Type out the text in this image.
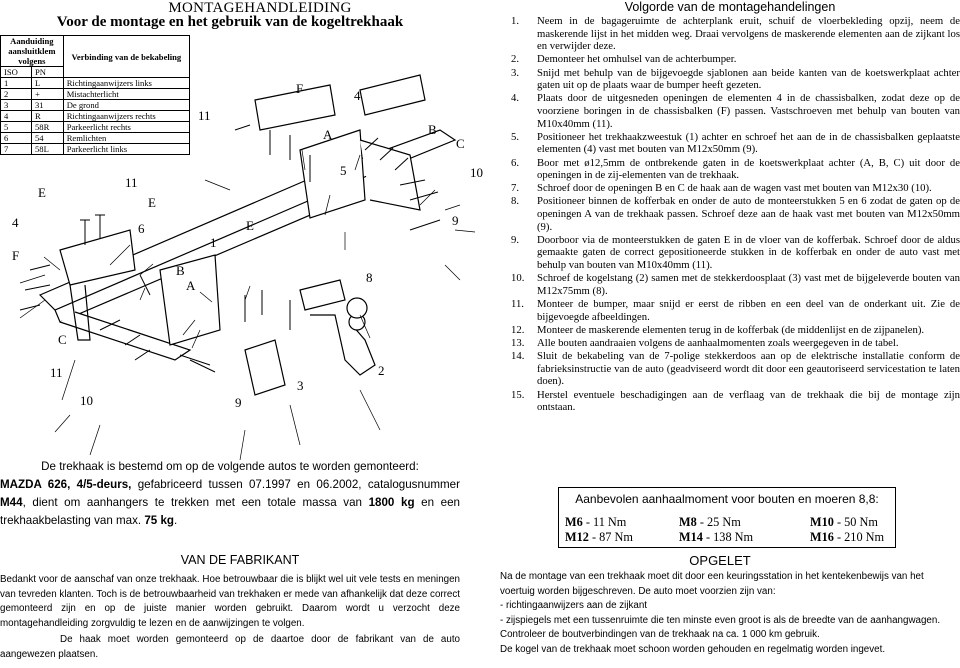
MONTAGEHANDLEIDING
Voor de montage en het gebruik van de kogeltrekhaak
Aanduiding aansluitklem volgens		Verbinding van de bekabeling
ISO	PN	
1	L	Richtingaanwijzers links
2	+	Mistachterlicht
3	31	De grond
4	R	Richtingaanwijzers rechts
5	58R	Parkeerlicht rechts
6	54	Remlichten
7	58L	Parkeerlicht links
F	4
A	B
C
10
9
5
8
E
1
2
3
11
9
E
4
F
C
11
10
11
E
6
B
A
De trekhaak is bestemd om op de volgende autos te worden gemonteerd:
MAZDA 626, 4/5-deurs, gefabriceerd tussen 07.1997 en 06.2002, catalogusnummer M44, dient om aanhangers te trekken met een totale massa van 1800 kg en een trekhaakbelasting van max. 75 kg.
VAN DE FABRIKANT

Bedankt voor de aanschaf van onze trekhaak. Hoe betrouwbaar die is blijkt wel uit vele tests en meningen van tevreden klanten. Toch is de betrouwbaarheid van trekhaken er mede van afhankelijk dat deze correct gemonteerd zijn en op de juiste manier worden gebruikt. Daarom wordt u verzocht deze montagehandleiding zorgvuldig te lezen en de aanwijzingen te volgen.

De haak moet worden gemonteerd op de daartoe door de fabrikant van de auto aangewezen plaatsen.

Volgorde van de montagehandelingen
1.	Neem in de bagageruimte de achterplank eruit, schuif de vloerbekleding opzij, neem de maskerende lijst in het midden weg. Draai vervolgens de maskerende elementen aan de zijkant los en verwijder deze.
2.	Demonteer het omhulsel van de achterbumper.
3.	Snijd met behulp van de bijgevoegde sjablonen aan beide kanten van de koetswerkplaat achter gaten uit op de plaats waar de bumper heeft gezeten.
4.	Plaats door de uitgesneden openingen de elementen 4 in de chassisbalken, zodat deze op de voorziene boringen in de chassisbalken (F) passen. Vastschroeven met behulp van bouten van M10x40mm (11).
5.	Positioneer het trekhaakzweestuk (1) achter en schroef het aan de in de chassisbalken geplaatste elementen (4) vast met bouten van M12x50mm (9).
6.	Boor met ø12,5mm de ontbrekende gaten in de koetswerkplaat achter (A, B, C) uit door de openingen in de zij-elementen van de trekhaak.
7.	Schroef door de openingen B en C de haak aan de wagen vast met bouten van M12x30 (10).
8.	Positioneer binnen de kofferbak en onder de auto de monteerstukken 5 en 6 zodat de gaten op de openingen A van de trekhaak passen. Schroef deze aan de haak vast met bouten van M12x50mm (9).
9.	Doorboor via de monteerstukken de gaten E in de vloer van de kofferbak. Schroef door de aldus gemaakte gaten de correct gepositioneerde stukken in de kofferbak en onder de auto vast met behulp van bouten van M10x40mm (11).
10.	Schroef de kogelstang (2) samen met de stekkerdoosplaat (3) vast met de bijgeleverde bouten van M12x75mm (8).
11.	Monteer de bumper, maar snijd er eerst de ribben en een deel van de onderkant uit. Zie de bijgevoegde afbeeldingen.
12.	Monteer de maskerende elementen terug in de kofferbak (de middenlijst en de zijpanelen).
13.	Alle bouten aandraaien volgens de aanhaalmomenten zoals weergegeven in de tabel.
14.	Sluit de bekabeling van de 7-polige stekkerdoos aan op de elektrische installatie conform de fabrieksinstructie van de auto (geadviseerd wordt dit door een geautoriseerd servicestation te laten doen).
15.	Herstel eventuele beschadigingen aan de verflaag van de trekhaak die bij de montage zijn ontstaan.
Aanbevolen aanhaalmoment voor bouten en moeren 8,8:
M6 - 11 Nm	M8 - 25 Nm	M10 - 50 Nm
M12 - 87 Nm	M14 - 138 Nm	M16 - 210 Nm
OPGELET
Na de montage van een trekhaak moet dit door een keuringsstation in het kentekenbewijs van het voertuig worden bijgeschreven. De auto moet voorzien zijn van:
- richtingaanwijzers aan de zijkant
- zijspiegels met een tussenruimte die ten minste even groot is als de breedte van de aanhangwagen.
Controleer de boutverbindingen van de trekhaak na ca. 1 000 km gebruik.
De kogel van de trekhaak moet schoon worden gehouden en regelmatig worden ingevet.
